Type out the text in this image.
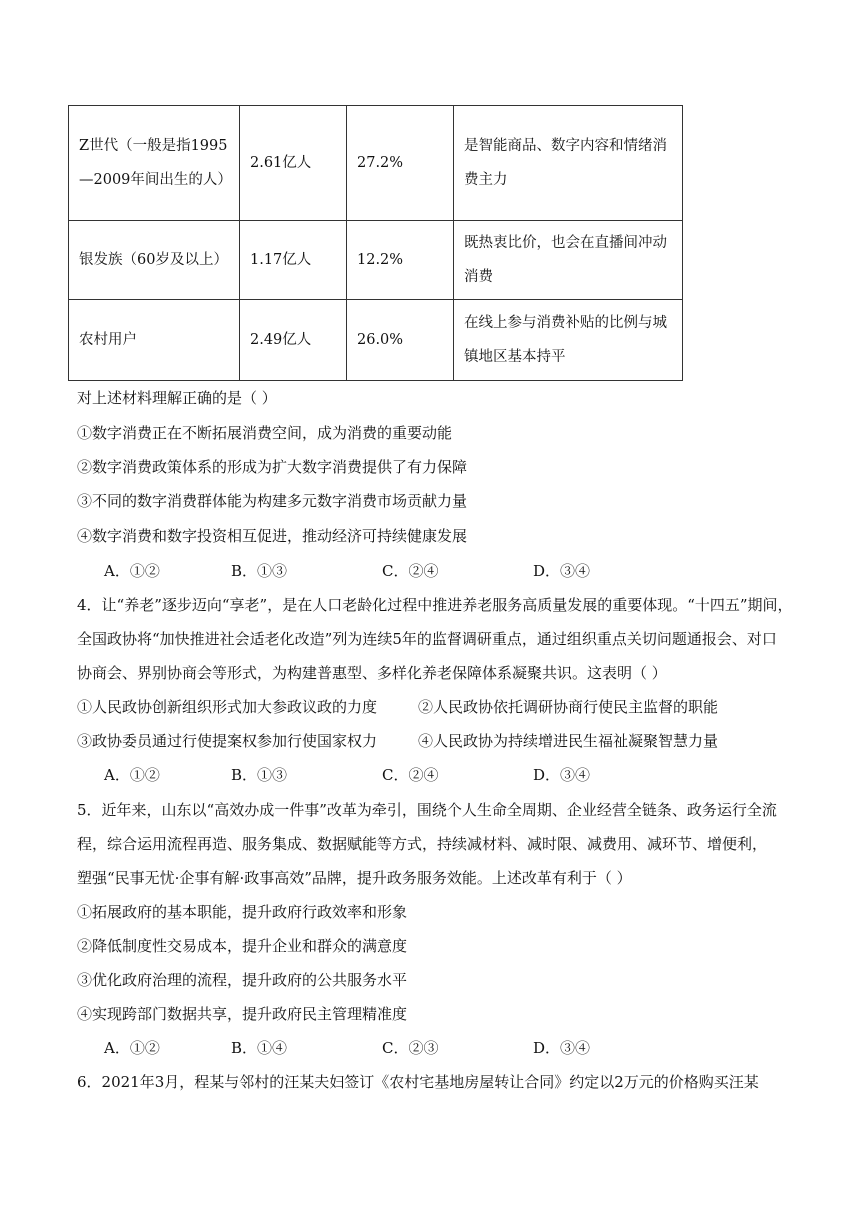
Z世代（一般是指1995—2009年间出生的人）	2.61亿人	27.2%	是智能商品、数字内容和情绪消费主力
银发族（60岁及以上）	1.17亿人	12.2%	既热衷比价，也会在直播间冲动消费
农村用户	2.49亿人	26.0%	在线上参与消费补贴的比例与城镇地区基本持平
对上述材料理解正确的是（ ）
①数字消费正在不断拓展消费空间，成为消费的重要动能
②数字消费政策体系的形成为扩大数字消费提供了有力保障
③不同的数字消费群体能为构建多元数字消费市场贡献力量
④数字消费和数字投资相互促进，推动经济可持续健康发展
A．①②	B．①③	C．②④	D．③④
4．让“养老”逐步迈向“享老”，是在人口老龄化过程中推进养老服务高质量发展的重要体现。“十四五”期间，
全国政协将“加快推进社会适老化改造”列为连续5年的监督调研重点，通过组织重点关切问题通报会、对口
协商会、界别协商会等形式，为构建普惠型、多样化养老保障体系凝聚共识。这表明（ ）
①人民政协创新组织形式加大参政议政的力度	②人民政协依托调研协商行使民主监督的职能
③政协委员通过行使提案权参加行使国家权力	④人民政协为持续增进民生福祉凝聚智慧力量
A．①②	B．①③	C．②④	D．③④
5．近年来，山东以“高效办成一件事”改革为牵引，围绕个人生命全周期、企业经营全链条、政务运行全流
程，综合运用流程再造、服务集成、数据赋能等方式，持续减材料、减时限、减费用、减环节、增便利，
塑强“民事无忧·企事有解·政事高效”品牌，提升政务服务效能。上述改革有利于（ ）
①拓展政府的基本职能，提升政府行政效率和形象
②降低制度性交易成本，提升企业和群众的满意度
③优化政府治理的流程，提升政府的公共服务水平
④实现跨部门数据共享，提升政府民主管理精准度
A．①②	B．①④	C．②③	D．③④
6．2021年3月，程某与邻村的汪某夫妇签订《农村宅基地房屋转让合同》约定以2万元的价格购买汪某
